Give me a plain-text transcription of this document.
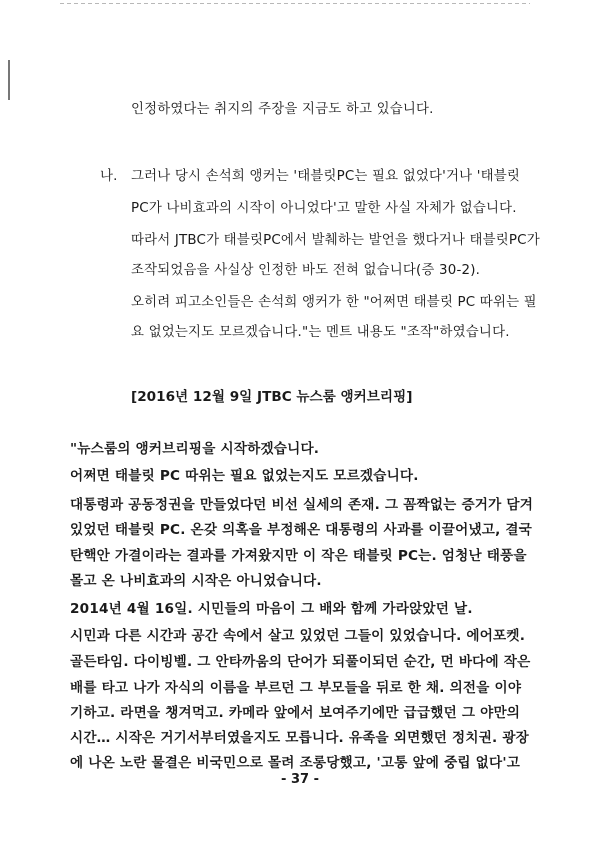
인정하였다는 취지의 주장을 지금도 하고 있습니다.
나. 그러나 당시 손석희 앵커는 '태블릿PC는 필요 없었다'거나 '태블릿
PC가 나비효과의 시작이 아니었다'고 말한 사실 자체가 없습니다.
따라서 JTBC가 태블릿PC에서 발췌하는 발언을 했다거나 태블릿PC가
조작되었음을 사실상 인정한 바도 전혀 없습니다(증 30-2).
오히려 피고소인들은 손석희 앵커가 한 "어쩌면 태블릿 PC 따위는 필
요 없었는지도 모르겠습니다."는 멘트 내용도 "조작"하였습니다.
[2016년 12월 9일 JTBC 뉴스룸 앵커브리핑]
"뉴스룸의 앵커브리핑을 시작하겠습니다.
어쩌면 태블릿 PC 따위는 필요 없었는지도 모르겠습니다.
대통령과 공동정권을 만들었다던 비선 실세의 존재. 그 꼼짝없는 증거가 담겨
있었던 태블릿 PC. 온갖 의혹을 부정해온 대통령의 사과를 이끌어냈고, 결국
탄핵안 가결이라는 결과를 가져왔지만 이 작은 태블릿 PC는. 엄청난 태풍을
몰고 온 나비효과의 시작은 아니었습니다.
2014년 4월 16일. 시민들의 마음이 그 배와 함께 가라앉았던 날.
시민과 다른 시간과 공간 속에서 살고 있었던 그들이 있었습니다. 에어포켓.
골든타임. 다이빙벨. 그 안타까움의 단어가 되풀이되던 순간, 먼 바다에 작은
배를 타고 나가 자식의 이름을 부르던 그 부모들을 뒤로 한 채. 의전을 이야
기하고. 라면을 챙겨먹고. 카메라 앞에서 보여주기에만 급급했던 그 야만의
시간… 시작은 거기서부터였을지도 모릅니다. 유족을 외면했던 정치권. 광장
에 나온 노란 물결은 비국민으로 몰려 조롱당했고, '고통 앞에 중립 없다'고
- 37 -
